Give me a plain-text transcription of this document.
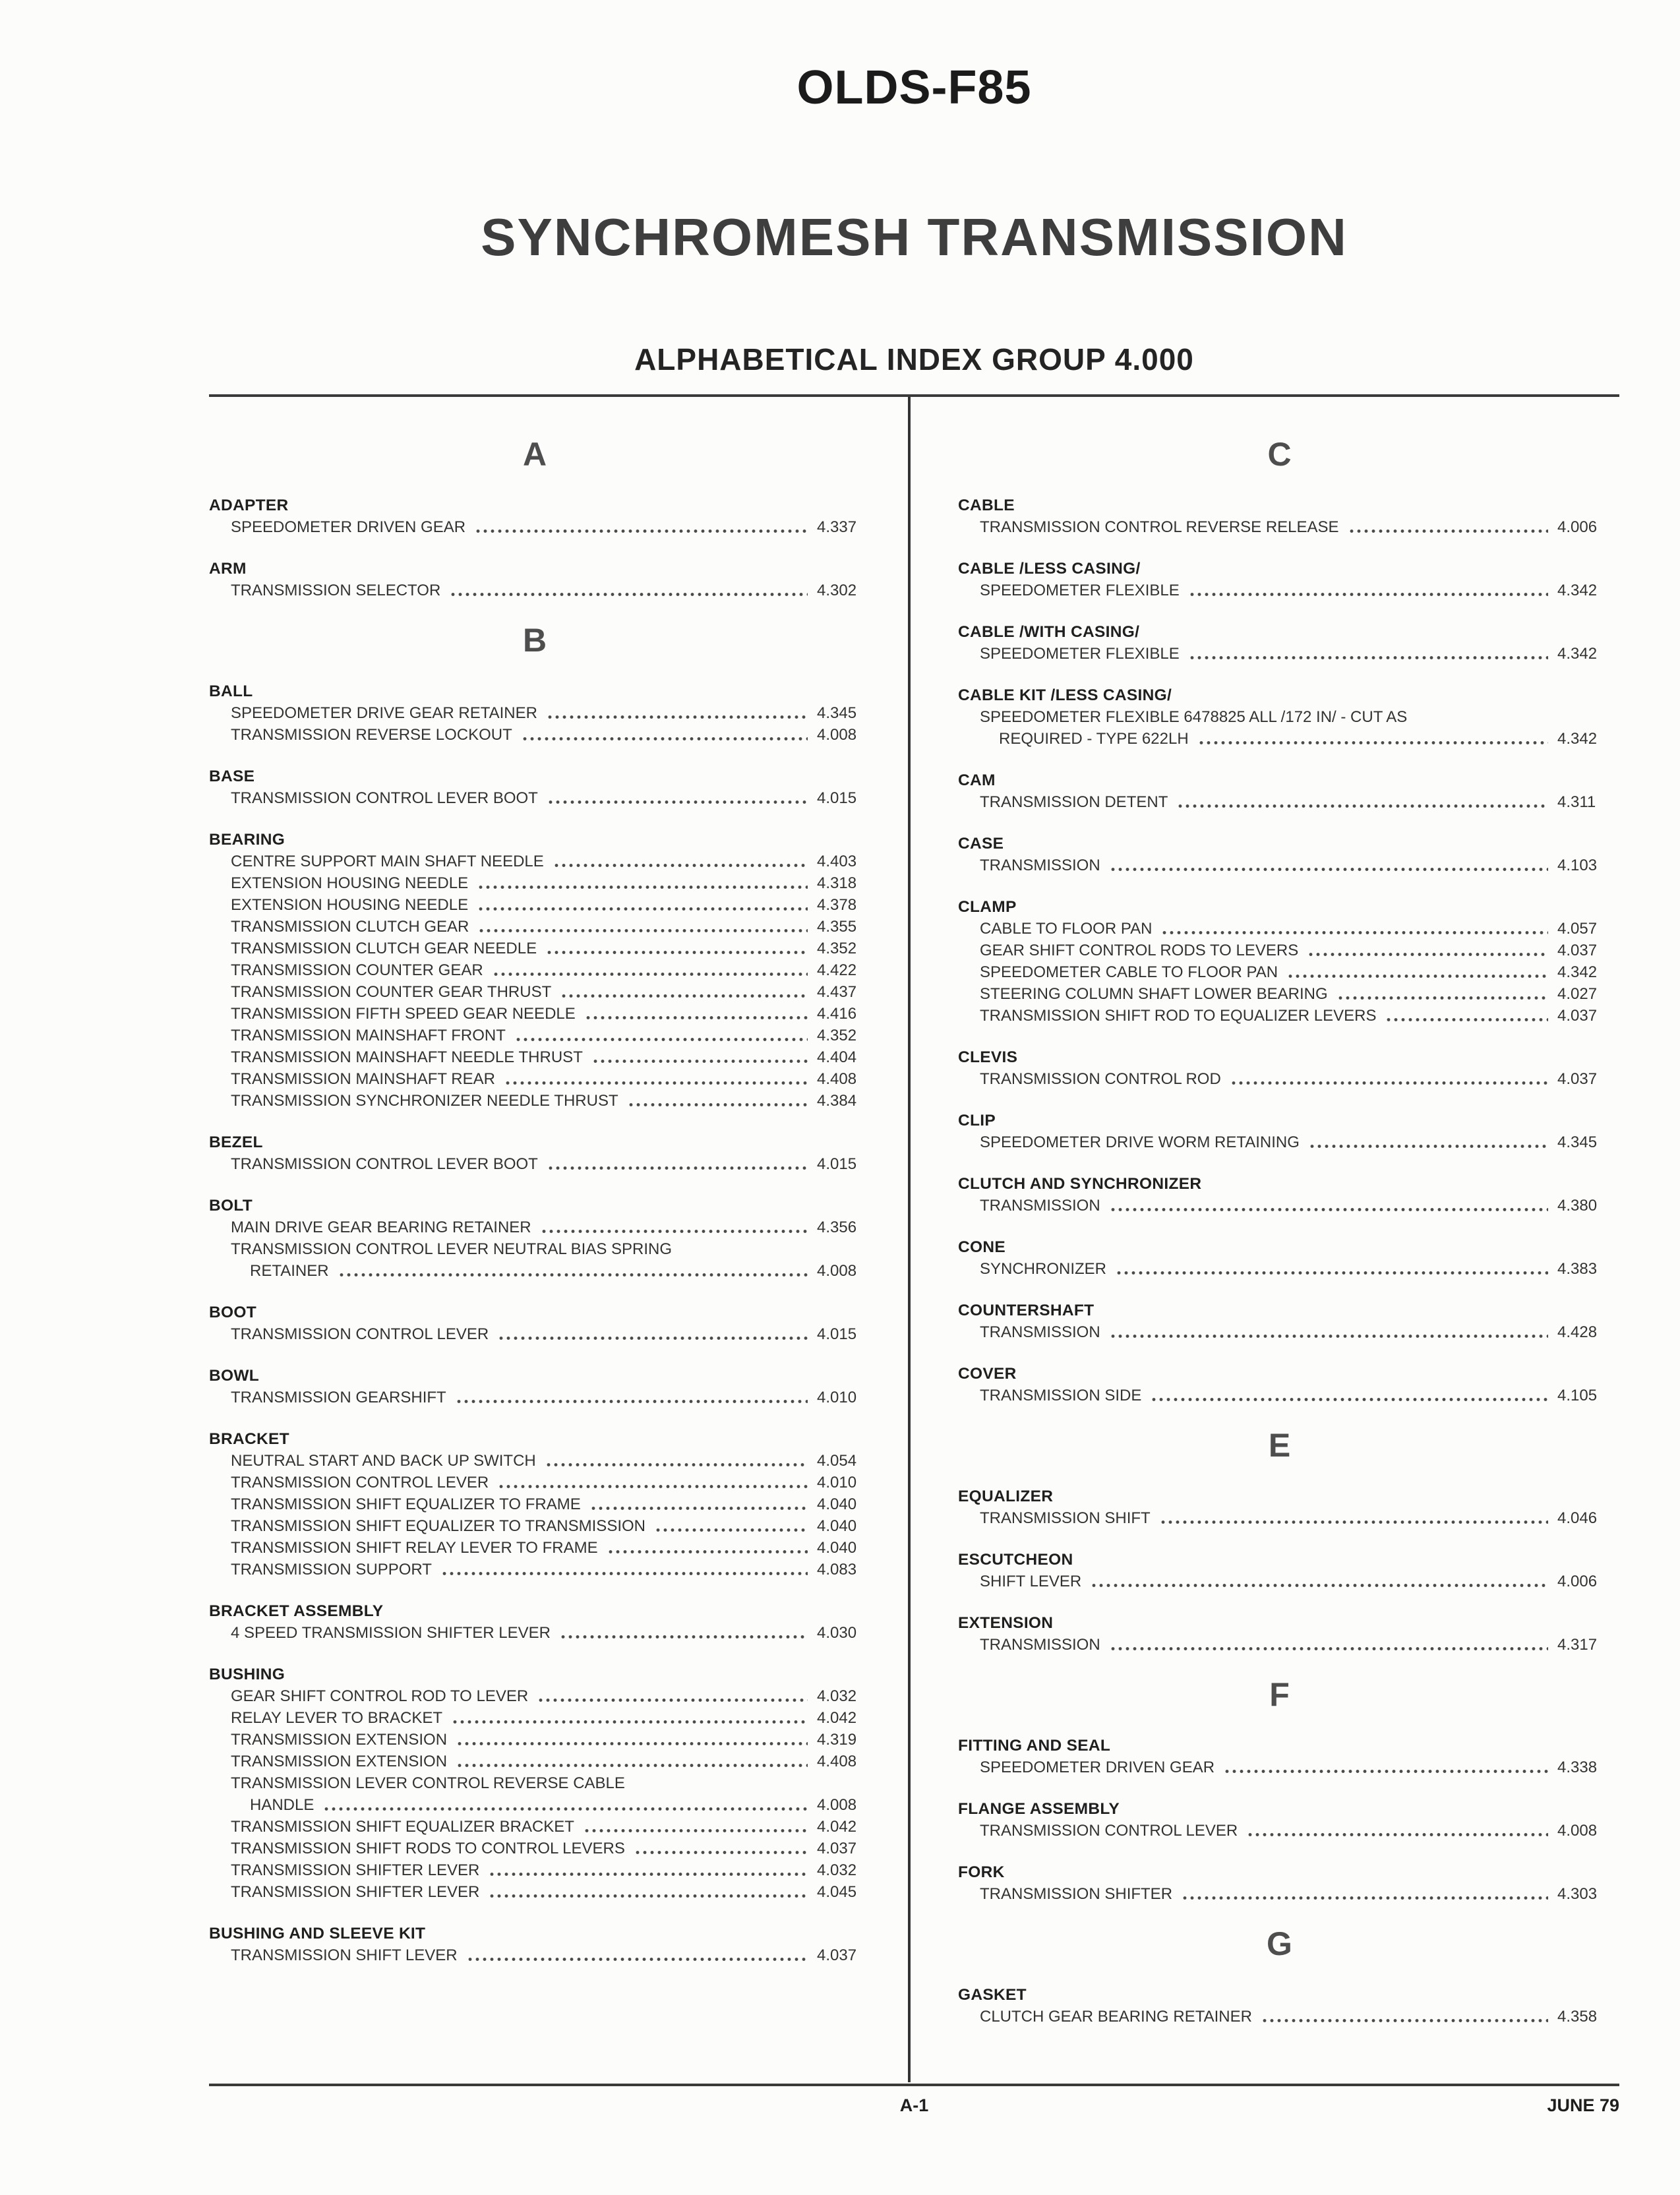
OLDS-F85
SYNCHROMESH TRANSMISSION
ALPHABETICAL INDEX GROUP 4.000
A
ADAPTER
SPEEDOMETER DRIVEN GEAR	4.337
ARM
TRANSMISSION SELECTOR	4.302
B
BALL
SPEEDOMETER DRIVE GEAR RETAINER	4.345
TRANSMISSION REVERSE LOCKOUT	4.008
BASE
TRANSMISSION CONTROL LEVER BOOT	4.015
BEARING
CENTRE SUPPORT MAIN SHAFT NEEDLE	4.403
EXTENSION HOUSING NEEDLE	4.318
EXTENSION HOUSING NEEDLE	4.378
TRANSMISSION CLUTCH GEAR	4.355
TRANSMISSION CLUTCH GEAR NEEDLE	4.352
TRANSMISSION COUNTER GEAR	4.422
TRANSMISSION COUNTER GEAR THRUST	4.437
TRANSMISSION FIFTH SPEED GEAR NEEDLE	4.416
TRANSMISSION MAINSHAFT FRONT	4.352
TRANSMISSION MAINSHAFT NEEDLE THRUST	4.404
TRANSMISSION MAINSHAFT REAR	4.408
TRANSMISSION SYNCHRONIZER NEEDLE THRUST	4.384
BEZEL
TRANSMISSION CONTROL LEVER BOOT	4.015
BOLT
MAIN DRIVE GEAR BEARING RETAINER	4.356
TRANSMISSION CONTROL LEVER NEUTRAL BIAS SPRING
RETAINER	4.008
BOOT
TRANSMISSION CONTROL LEVER	4.015
BOWL
TRANSMISSION GEARSHIFT	4.010
BRACKET
NEUTRAL START AND BACK UP SWITCH	4.054
TRANSMISSION CONTROL LEVER	4.010
TRANSMISSION SHIFT EQUALIZER TO FRAME	4.040
TRANSMISSION SHIFT EQUALIZER TO TRANSMISSION	4.040
TRANSMISSION SHIFT RELAY LEVER TO FRAME	4.040
TRANSMISSION SUPPORT	4.083
BRACKET ASSEMBLY
4 SPEED TRANSMISSION SHIFTER LEVER	4.030
BUSHING
GEAR SHIFT CONTROL ROD TO LEVER	4.032
RELAY LEVER TO BRACKET	4.042
TRANSMISSION EXTENSION	4.319
TRANSMISSION EXTENSION	4.408
TRANSMISSION LEVER CONTROL REVERSE CABLE
HANDLE	4.008
TRANSMISSION SHIFT EQUALIZER BRACKET	4.042
TRANSMISSION SHIFT RODS TO CONTROL LEVERS	4.037
TRANSMISSION SHIFTER LEVER	4.032
TRANSMISSION SHIFTER LEVER	4.045
BUSHING AND SLEEVE KIT
TRANSMISSION SHIFT LEVER	4.037
C
CABLE
TRANSMISSION CONTROL REVERSE RELEASE	4.006
CABLE /LESS CASING/
SPEEDOMETER FLEXIBLE	4.342
CABLE /WITH CASING/
SPEEDOMETER FLEXIBLE	4.342
CABLE KIT /LESS CASING/
SPEEDOMETER FLEXIBLE 6478825 ALL /172 IN/ - CUT AS
REQUIRED - TYPE 622LH	4.342
CAM
TRANSMISSION DETENT	4.311
CASE
TRANSMISSION	4.103
CLAMP
CABLE TO FLOOR PAN	4.057
GEAR SHIFT CONTROL RODS TO LEVERS	4.037
SPEEDOMETER CABLE TO FLOOR PAN	4.342
STEERING COLUMN SHAFT LOWER BEARING	4.027
TRANSMISSION SHIFT ROD TO EQUALIZER LEVERS	4.037
CLEVIS
TRANSMISSION CONTROL ROD	4.037
CLIP
SPEEDOMETER DRIVE WORM RETAINING	4.345
CLUTCH AND SYNCHRONIZER
TRANSMISSION	4.380
CONE
SYNCHRONIZER	4.383
COUNTERSHAFT
TRANSMISSION	4.428
COVER
TRANSMISSION SIDE	4.105
E
EQUALIZER
TRANSMISSION SHIFT	4.046
ESCUTCHEON
SHIFT LEVER	4.006
EXTENSION
TRANSMISSION	4.317
F
FITTING AND SEAL
SPEEDOMETER DRIVEN GEAR	4.338
FLANGE ASSEMBLY
TRANSMISSION CONTROL LEVER	4.008
FORK
TRANSMISSION SHIFTER	4.303
G
GASKET
CLUTCH GEAR BEARING RETAINER	4.358
A-1	JUNE 79
